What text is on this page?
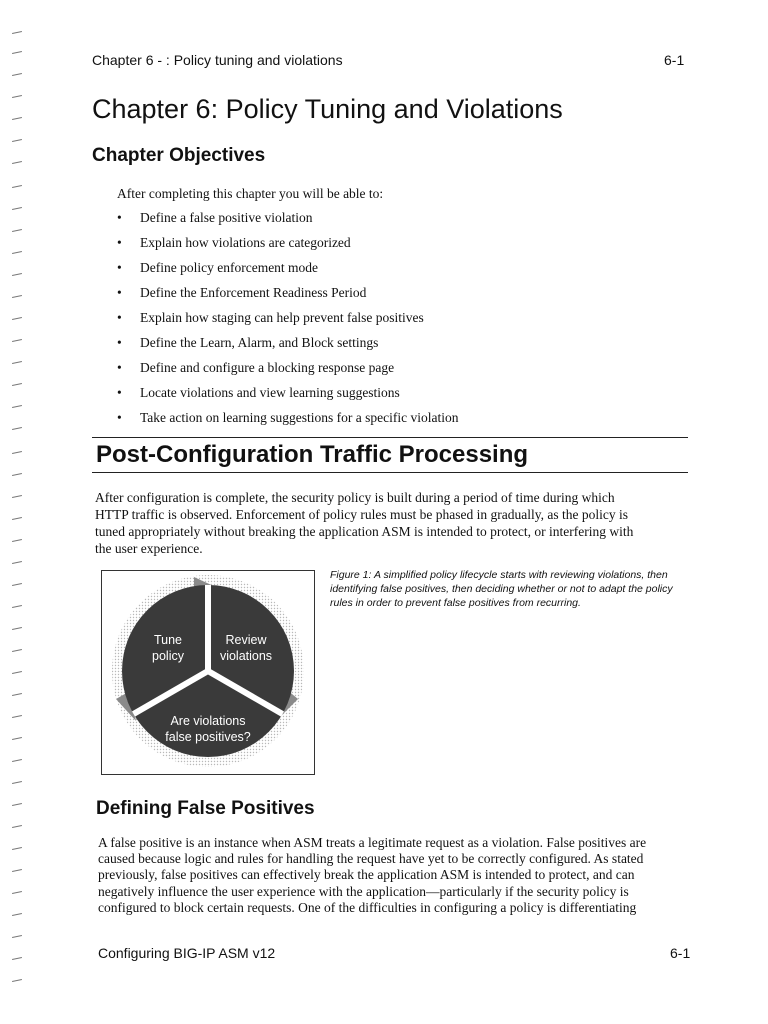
Chapter 6 - : Policy tuning and violations	6-1
Chapter 6: Policy Tuning and Violations
Chapter Objectives
After completing this chapter you will be able to:
•	Define a false positive violation
•	Explain how violations are categorized
•	Define policy enforcement mode
•	Define the Enforcement Readiness Period
•	Explain how staging can help prevent false positives
•	Define the Learn, Alarm, and Block settings
•	Define and configure a blocking response page
•	Locate violations and view learning suggestions
•	Take action on learning suggestions for a specific violation
Post-Configuration Traffic Processing

After configuration is complete, the security policy is built during a period of time during which HTTP traffic is observed. Enforcement of policy rules must be phased in gradually, as the policy is tuned appropriately without breaking the application ASM is intended to protect, or interfering with the user experience.

Tune
policy
Review
violations
Are violations
false positives?

Figure 1: A simplified policy lifecycle starts with reviewing violations, then identifying false positives, then deciding whether or not to adapt the policy rules in order to prevent false positives from recurring.

Defining False Positives

A false positive is an instance when ASM treats a legitimate request as a violation. False positives are caused because logic and rules for handling the request have yet to be correctly configured. As stated previously, false positives can effectively break the application ASM is intended to protect, and can negatively influence the user experience with the application—particularly if the security policy is configured to block certain requests. One of the difficulties in configuring a policy is differentiating

Configuring BIG-IP ASM v12	6-1
